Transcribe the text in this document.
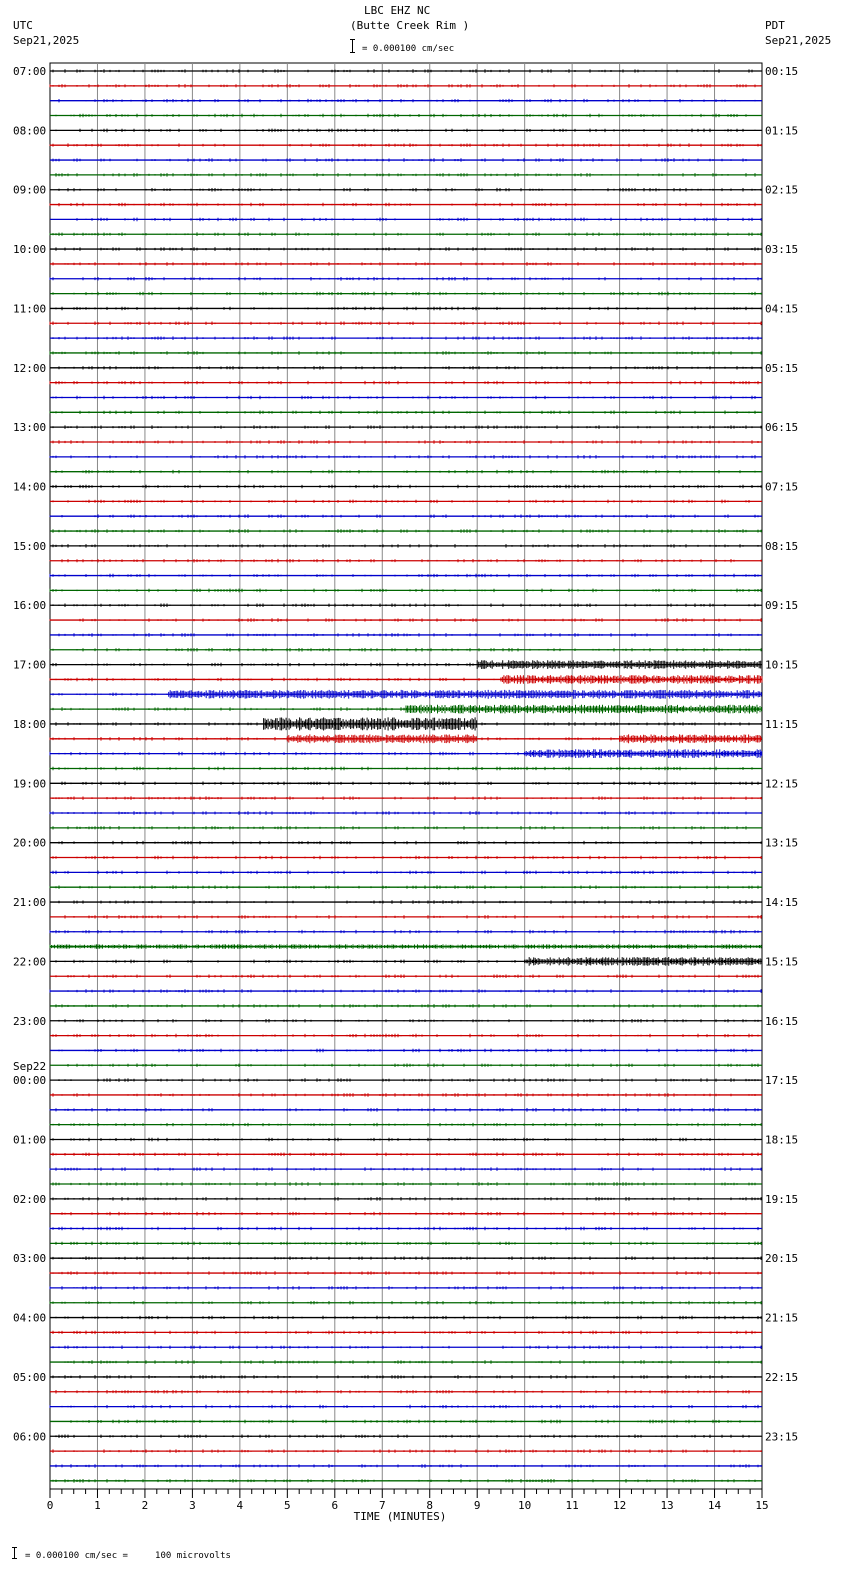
LBC EHZ NC
(Butte Creek Rim )
= 0.000100 cm/sec
UTC
Sep21,2025
PDT
Sep21,2025
07:00	00:15
08:00	01:15
09:00	02:15
10:00	03:15
11:00	04:15
12:00	05:15
13:00	06:15
14:00	07:15
15:00	08:15
16:00	09:15
17:00	10:15
18:00	11:15
19:00	12:15
20:00	13:15
21:00	14:15
22:00	15:15
23:00	16:15
00:00	17:15
01:00	18:15
02:00	19:15
03:00	20:15
04:00	21:15
05:00	22:15
06:00	23:15
Sep22
0	1	2	3	4	5	6	7	8	9	10	11	12	13	14	15
TIME (MINUTES)
= 0.000100 cm/sec =     100 microvolts
